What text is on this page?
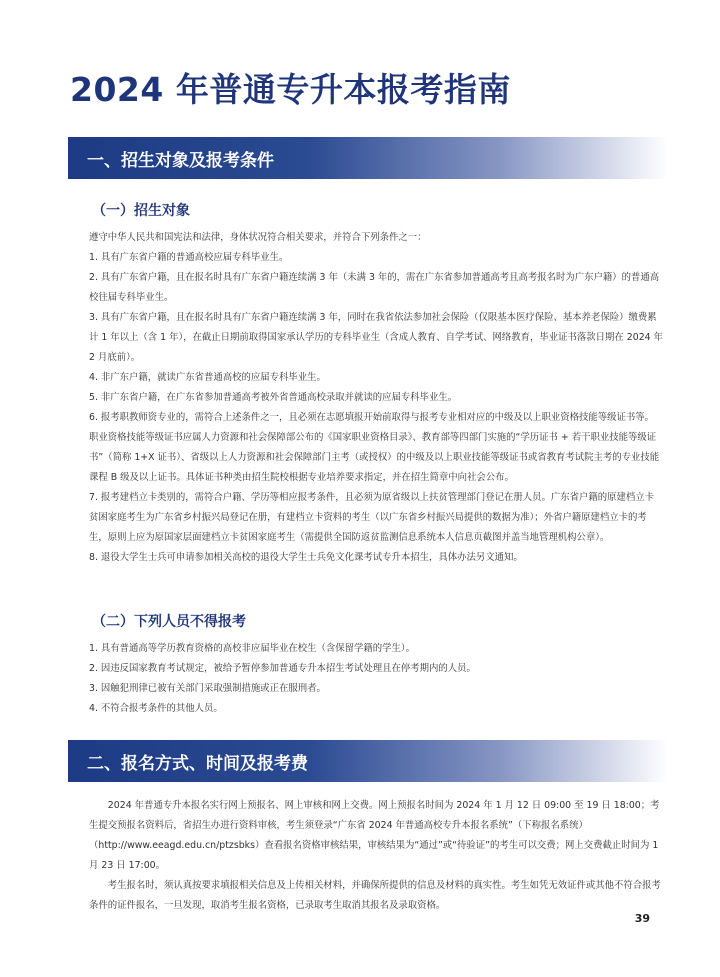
2024 年普通专升本报考指南
一、招生对象及报考条件
（一）招生对象

遵守中华人民共和国宪法和法律，身体状况符合相关要求，并符合下列条件之一：

1. 具有广东省户籍的普通高校应届专科毕业生。

2. 具有广东省户籍，且在报名时具有广东省户籍连续满 3 年（未满 3 年的，需在广东省参加普通高考且高考报名时为广东户籍）的普通高校往届专科毕业生。

3. 具有广东省户籍，且在报名时具有广东省户籍连续满 3 年，同时在我省依法参加社会保险（仅限基本医疗保险、基本养老保险）缴费累计 1 年以上（含 1 年），在截止日期前取得国家承认学历的专科毕业生（含成人教育、自学考试、网络教育，毕业证书落款日期在 2024 年 2 月底前）。

4. 非广东户籍，就读广东省普通高校的应届专科毕业生。

5. 非广东省户籍，在广东省参加普通高考被外省普通高校录取并就读的应届专科毕业生。

6. 报考职教师资专业的，需符合上述条件之一，且必须在志愿填报开始前取得与报考专业相对应的中级及以上职业资格技能等级证书等。职业资格技能等级证书应属人力资源和社会保障部公布的《国家职业资格目录》、教育部等四部门实施的“学历证书 + 若干职业技能等级证书”（简称 1+X 证书）、省级以上人力资源和社会保障部门主考（或授权）的中级及以上职业技能等级证书或省教育考试院主考的专业技能课程 B 级及以上证书。具体证书种类由招生院校根据专业培养要求指定，并在招生简章中向社会公布。

7. 报考建档立卡类别的，需符合户籍、学历等相应报考条件，且必须为原省级以上扶贫管理部门登记在册人员。广东省户籍的原建档立卡贫困家庭考生为广东省乡村振兴局登记在册，有建档立卡资料的考生（以广东省乡村振兴局提供的数据为准）；外省户籍原建档立卡的考生，原则上应为原国家层面建档立卡贫困家庭考生（需提供全国防返贫监测信息系统本人信息页截图并盖当地管理机构公章）。

8. 退役大学生士兵可申请参加相关高校的退役大学生士兵免文化课考试专升本招生，具体办法另文通知。

（二）下列人员不得报考

1. 具有普通高等学历教育资格的高校非应届毕业在校生（含保留学籍的学生）。

2. 因违反国家教育考试规定，被给予暂停参加普通专升本招生考试处理且在停考期内的人员。

3. 因触犯刑律已被有关部门采取强制措施或正在服刑者。

4. 不符合报考条件的其他人员。

二、报名方式、时间及报考费

2024 年普通专升本报名实行网上预报名、网上审核和网上交费。网上预报名时间为 2024 年 1 月 12 日 09:00 至 19 日 18:00；考生提交预报名资料后，省招生办进行资料审核，考生须登录“广东省 2024 年普通高校专升本报名系统”（下称报名系统）（http://www.eeagd.edu.cn/ptzsbks）查看报名资格审核结果，审核结果为“通过”或“待验证”的考生可以交费；网上交费截止时间为 1 月 23 日 17:00。

考生报名时，须认真按要求填报相关信息及上传相关材料，并确保所提供的信息及材料的真实性。考生如凭无效证件或其他不符合报考条件的证件报名，一旦发现，取消考生报名资格，已录取考生取消其报名及录取资格。

39
